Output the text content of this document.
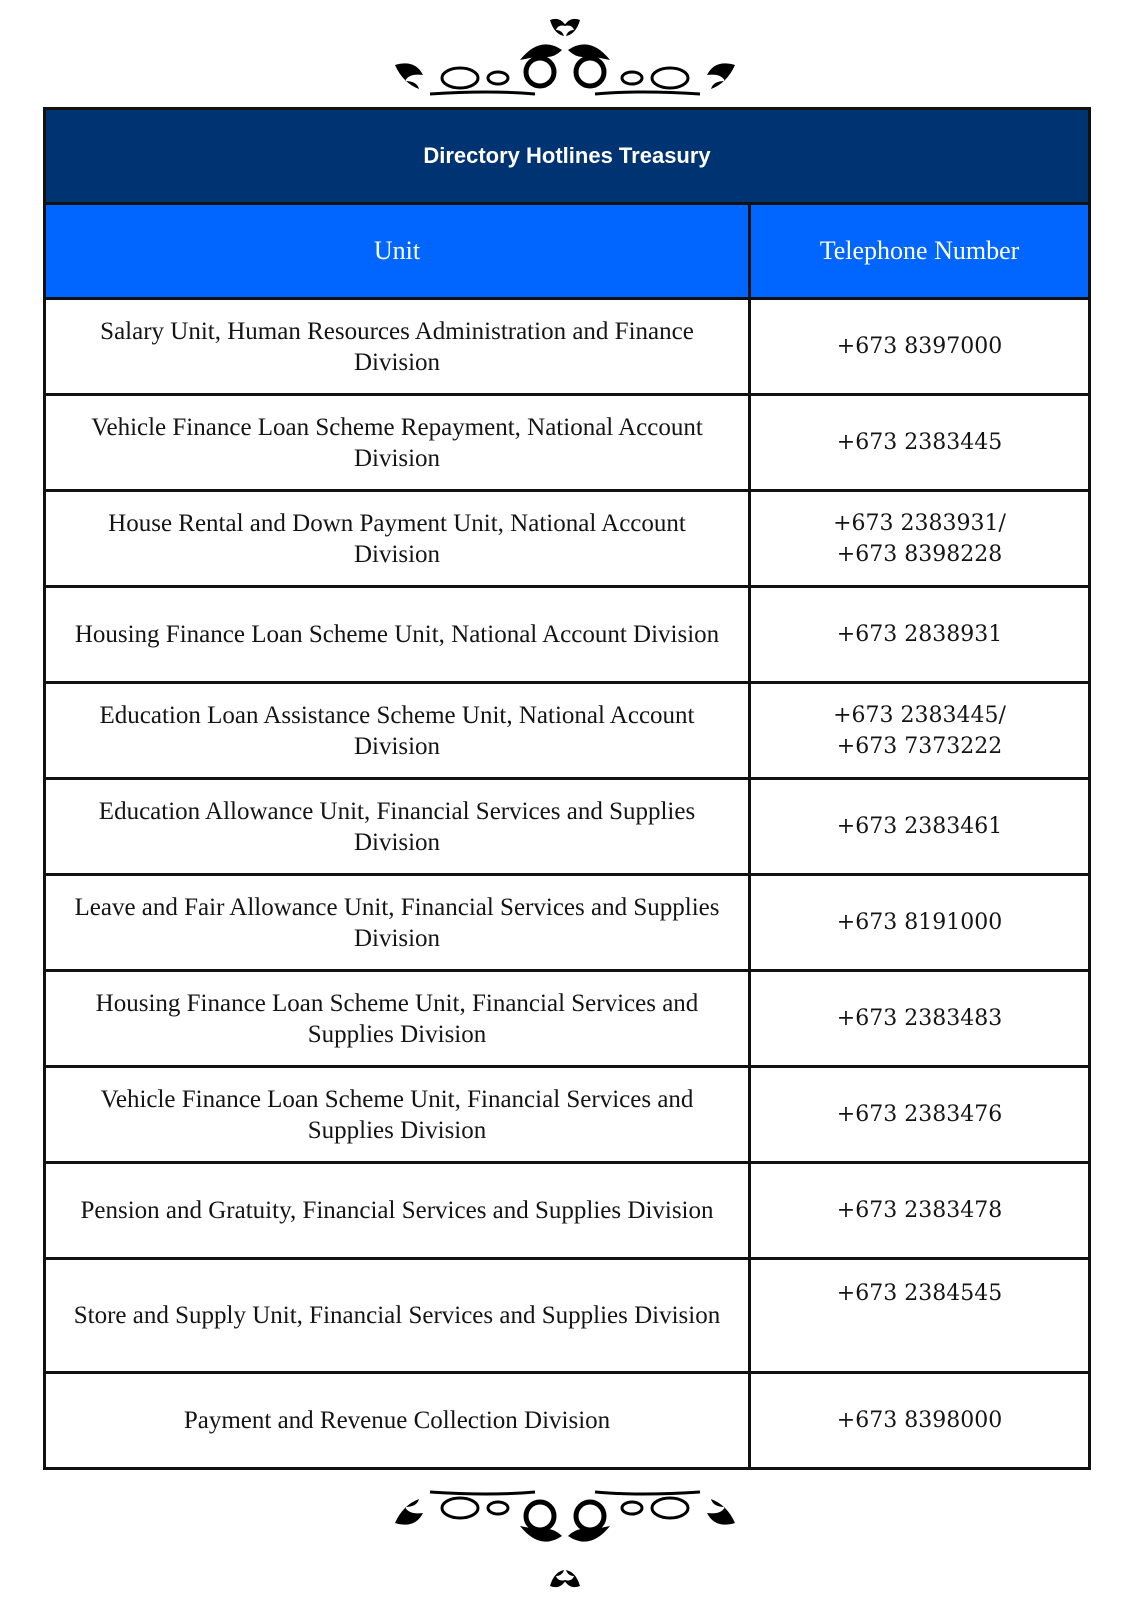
Directory Hotlines Treasury	
Unit	Telephone Number
Salary Unit, Human Resources Administration and Finance Division	+673 8397000

Vehicle Finance Loan Scheme Repayment, National Account Division	+673 2383445

House Rental and Down Payment Unit, National Account Division	+673 2383931/
+673 8398228

Housing Finance Loan Scheme Unit, National Account Division	+673 2838931

Education Loan Assistance Scheme Unit, National Account Division	+673 2383445/
+673 7373222

Education Allowance Unit, Financial Services and Supplies Division	+673 2383461

Leave and Fair Allowance Unit, Financial Services and Supplies Division	+673 8191000

Housing Finance Loan Scheme Unit, Financial Services and Supplies Division	+673 2383483

Vehicle Finance Loan Scheme Unit, Financial Services and Supplies Division	+673 2383476

Pension and Gratuity, Financial Services and Supplies Division	+673 2383478

Store and Supply Unit, Financial Services and Supplies Division	+673 2384545

Payment and Revenue Collection Division	+673 8398000
